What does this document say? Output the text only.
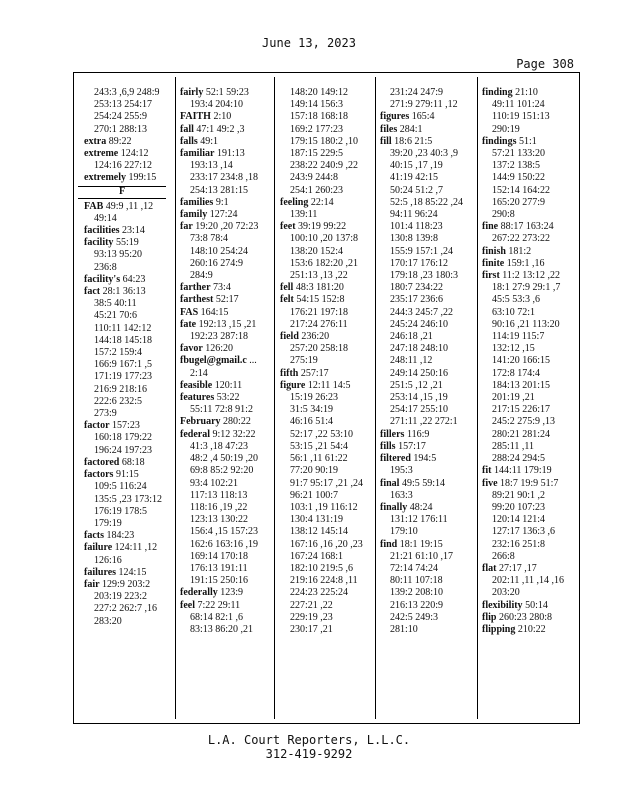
June 13, 2023
Page 308
243:3 ,6,9 248:9
253:13 254:17
254:24 255:9
270:1 288:13
extra 89:22
extreme 124:12
124:16 227:12
extremely 199:15
F
FAB 49:9 ,11 ,12
49:14
facilities 23:14
facility 55:19
93:13 95:20
236:8
facility's 64:23
fact 28:1 36:13
38:5 40:11
45:21 70:6
110:11 142:12
144:18 145:18
157:2 159:4
166:9 167:1 ,5
171:19 177:23
216:9 218:16
222:6 232:5
273:9
factor 157:23
160:18 179:22
196:24 197:23
factored 68:18
factors 91:15
109:5 116:24
135:5 ,23 173:12
176:19 178:5
179:19
facts 184:23
failure 124:11 ,12
126:16
failures 124:15
fair 129:9 203:2
203:19 223:2
227:2 262:7 ,16
283:20
fairly 52:1 59:23
193:4 204:10
FAITH 2:10
fall 47:1 49:2 ,3
falls 49:1
familiar 191:13
193:13 ,14
233:17 234:8 ,18
254:13 281:15
families 9:1
family 127:24
far 19:20 ,20 72:23
73:8 78:4
148:10 254:24
260:16 274:9
284:9
farther 73:4
farthest 52:17
FAS 164:15
fate 192:13 ,15 ,21
192:23 287:18
favor 126:20
fbugel@gmail.c ...
2:14
feasible 120:11
features 53:22
55:11 72:8 91:2
February 280:22
federal 9:12 32:22
41:3 ,18 47:23
48:2 ,4 50:19 ,20
69:8 85:2 92:20
93:4 102:21
117:13 118:13
118:16 ,19 ,22
123:13 130:22
156:4 ,15 157:23
162:6 163:16 ,19
169:14 170:18
176:13 191:11
191:15 250:16
federally 123:9
feel 7:22 29:11
68:14 82:1 ,6
83:13 86:20 ,21
148:20 149:12
149:14 156:3
157:18 168:18
169:2 177:23
179:15 180:2 ,10
187:15 229:5
238:22 240:9 ,22
243:9 244:8
254:1 260:23
feeling 22:14
139:11
feet 39:19 99:22
100:10 ,20 137:8
138:20 152:4
153:6 182:20 ,21
251:13 ,13 ,22
fell 48:3 181:20
felt 54:15 152:8
176:21 197:18
217:24 276:11
field 236:20
257:20 258:18
275:19
fifth 257:17
figure 12:11 14:5
15:19 26:23
31:5 34:19
46:16 51:4
52:17 ,22 53:10
53:15 ,21 54:4
56:1 ,11 61:22
77:20 90:19
91:7 95:17 ,21 ,24
96:21 100:7
103:1 ,19 116:12
130:4 131:19
138:12 145:14
167:16 ,16 ,20 ,23
167:24 168:1
182:10 219:5 ,6
219:16 224:8 ,11
224:23 225:24
227:21 ,22
229:19 ,23
230:17 ,21
231:24 247:9
271:9 279:11 ,12
figures 165:4
files 284:1
fill 18:6 21:5
39:20 ,23 40:3 ,9
40:15 ,17 ,19
41:19 42:15
50:24 51:2 ,7
52:5 ,18 85:22 ,24
94:11 96:24
101:4 118:23
130:8 139:8
155:9 157:1 ,24
170:17 176:12
179:18 ,23 180:3
180:7 234:22
235:17 236:6
244:3 245:7 ,22
245:24 246:10
246:18 ,21
247:18 248:10
248:11 ,12
249:14 250:16
251:5 ,12 ,21
253:14 ,15 ,19
254:17 255:10
271:11 ,22 272:1
fillers 116:9
fills 157:17
filtered 194:5
195:3
final 49:5 59:14
163:3
finally 48:24
131:12 176:11
179:10
find 18:1 19:15
21:21 61:10 ,17
72:14 74:24
80:11 107:18
139:2 208:10
216:13 220:9
242:5 249:3
281:10
finding 21:10
49:11 101:24
110:19 151:13
290:19
findings 51:1
57:21 133:20
137:2 138:5
144:9 150:22
152:14 164:22
165:20 277:9
290:8
fine 88:17 163:24
267:22 273:22
finish 181:2
finite 159:1 ,16
first 11:2 13:12 ,22
18:1 27:9 29:1 ,7
45:5 53:3 ,6
63:10 72:1
90:16 ,21 113:20
114:19 115:7
132:12 ,15
141:20 166:15
172:8 174:4
184:13 201:15
201:19 ,21
217:15 226:17
245:2 275:9 ,13
280:21 281:24
285:11 ,11
288:24 294:5
fit 144:11 179:19
five 18:7 19:9 51:7
89:21 90:1 ,2
99:20 107:23
120:14 121:4
127:17 136:3 ,6
232:16 251:8
266:8
flat 27:17 ,17
202:11 ,11 ,14 ,16
203:20
flexibility 50:14
flip 260:23 280:8
flipping 210:22
L.A. Court Reporters, L.L.C.
312-419-9292
